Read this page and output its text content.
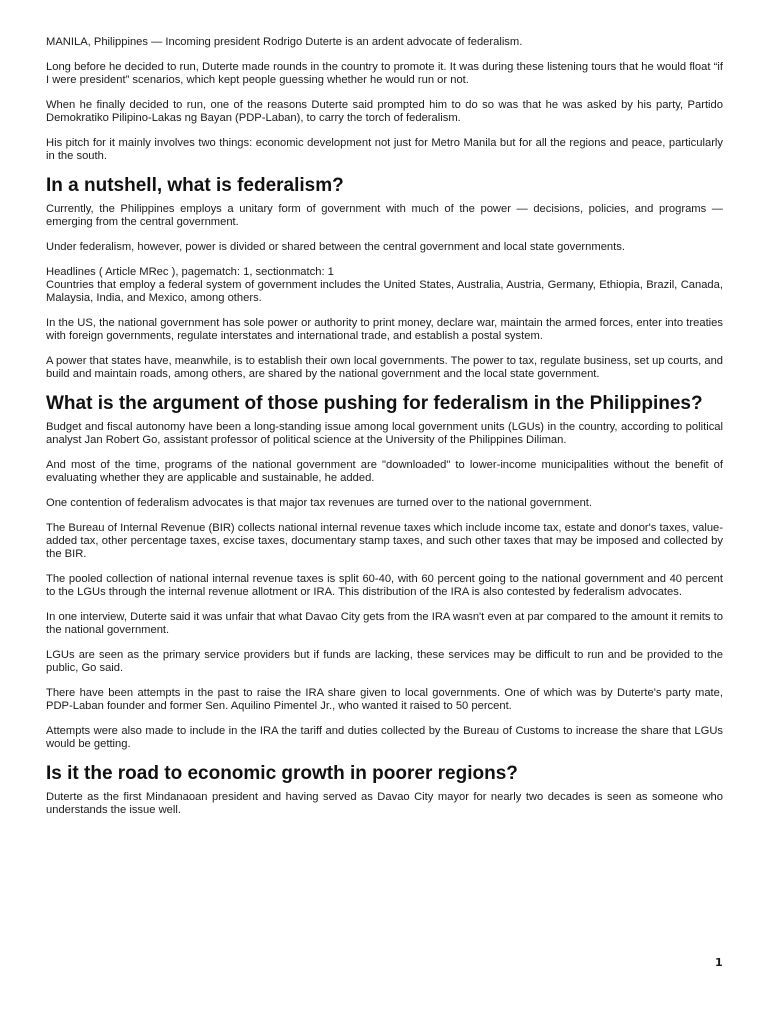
MANILA, Philippines — Incoming president Rodrigo Duterte is an ardent advocate of federalism.

Long before he decided to run, Duterte made rounds in the country to promote it. It was during these listening tours that he would float “if I were president” scenarios, which kept people guessing whether he would run or not.

When he finally decided to run, one of the reasons Duterte said prompted him to do so was that he was asked by his party, Partido Demokratiko Pilipino-Lakas ng Bayan (PDP-Laban), to carry the torch of federalism.

His pitch for it mainly involves two things: economic development not just for Metro Manila but for all the regions and peace, particularly in the south.

In a nutshell, what is federalism?

Currently, the Philippines employs a unitary form of government with much of the power — decisions, policies, and programs — emerging from the central government.

Under federalism, however, power is divided or shared between the central government and local state governments.

Headlines ( Article MRec ), pagematch: 1, sectionmatch: 1

Countries that employ a federal system of government includes the United States, Australia, Austria, Germany, Ethiopia, Brazil, Canada, Malaysia, India, and Mexico, among others.

In the US, the national government has sole power or authority to print money, declare war, maintain the armed forces, enter into treaties with foreign governments, regulate interstates and international trade, and establish a postal system.

A power that states have, meanwhile, is to establish their own local governments. The power to tax, regulate business, set up courts, and build and maintain roads, among others, are shared by the national government and the local state government.

What is the argument of those pushing for federalism in the Philippines?

Budget and fiscal autonomy have been a long-standing issue among local government units (LGUs) in the country, according to political analyst Jan Robert Go, assistant professor of political science at the University of the Philippines Diliman.

And most of the time, programs of the national government are "downloaded" to lower-income municipalities without the benefit of evaluating whether they are applicable and sustainable, he added.

One contention of federalism advocates is that major tax revenues are turned over to the national government.

The Bureau of Internal Revenue (BIR) collects national internal revenue taxes which include income tax, estate and donor's taxes, value-added tax, other percentage taxes, excise taxes, documentary stamp taxes, and such other taxes that may be imposed and collected by the BIR.

The pooled collection of national internal revenue taxes is split 60-40, with 60 percent going to the national government and 40 percent to the LGUs through the internal revenue allotment or IRA. This distribution of the IRA is also contested by federalism advocates.

In one interview, Duterte said it was unfair that what Davao City gets from the IRA wasn't even at par compared to the amount it remits to the national government.

LGUs are seen as the primary service providers but if funds are lacking, these services may be difficult to run and be provided to the public, Go said.

There have been attempts in the past to raise the IRA share given to local governments. One of which was by Duterte's party mate, PDP-Laban founder and former Sen. Aquilino Pimentel Jr., who wanted it raised to 50 percent.

Attempts were also made to include in the IRA the tariff and duties collected by the Bureau of Customs to increase the share that LGUs would be getting.

Is it the road to economic growth in poorer regions?

Duterte as the first Mindanaoan president and having served as Davao City mayor for nearly two decades is seen as someone who understands the issue well.

1
